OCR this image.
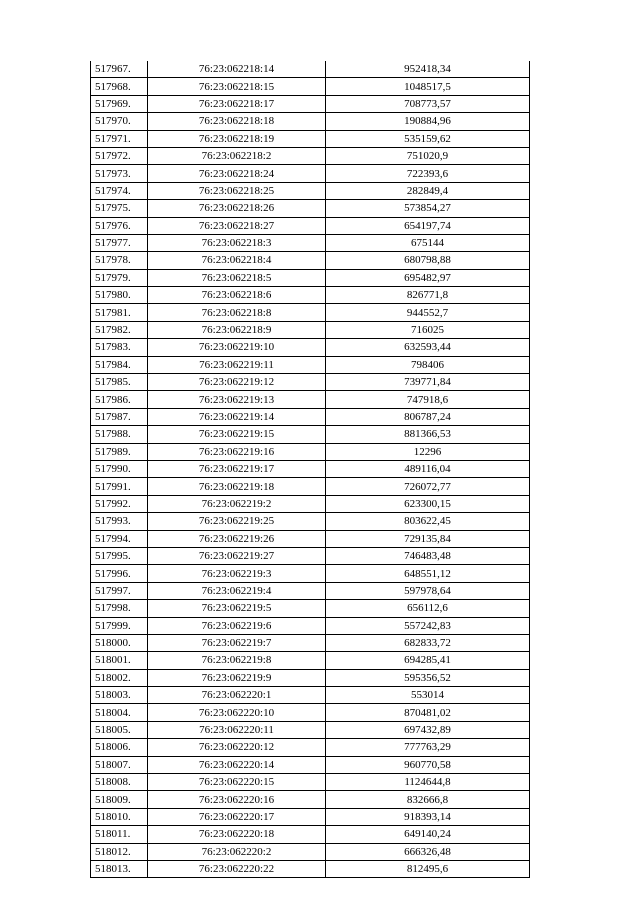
517967.	76:23:062218:14	952418,34
517968.	76:23:062218:15	1048517,5
517969.	76:23:062218:17	708773,57
517970.	76:23:062218:18	190884,96
517971.	76:23:062218:19	535159,62
517972.	76:23:062218:2	751020,9
517973.	76:23:062218:24	722393,6
517974.	76:23:062218:25	282849,4
517975.	76:23:062218:26	573854,27
517976.	76:23:062218:27	654197,74
517977.	76:23:062218:3	675144
517978.	76:23:062218:4	680798,88
517979.	76:23:062218:5	695482,97
517980.	76:23:062218:6	826771,8
517981.	76:23:062218:8	944552,7
517982.	76:23:062218:9	716025
517983.	76:23:062219:10	632593,44
517984.	76:23:062219:11	798406
517985.	76:23:062219:12	739771,84
517986.	76:23:062219:13	747918,6
517987.	76:23:062219:14	806787,24
517988.	76:23:062219:15	881366,53
517989.	76:23:062219:16	12296
517990.	76:23:062219:17	489116,04
517991.	76:23:062219:18	726072,77
517992.	76:23:062219:2	623300,15
517993.	76:23:062219:25	803622,45
517994.	76:23:062219:26	729135,84
517995.	76:23:062219:27	746483,48
517996.	76:23:062219:3	648551,12
517997.	76:23:062219:4	597978,64
517998.	76:23:062219:5	656112,6
517999.	76:23:062219:6	557242,83
518000.	76:23:062219:7	682833,72
518001.	76:23:062219:8	694285,41
518002.	76:23:062219:9	595356,52
518003.	76:23:062220:1	553014
518004.	76:23:062220:10	870481,02
518005.	76:23:062220:11	697432,89
518006.	76:23:062220:12	777763,29
518007.	76:23:062220:14	960770,58
518008.	76:23:062220:15	1124644,8
518009.	76:23:062220:16	832666,8
518010.	76:23:062220:17	918393,14
518011.	76:23:062220:18	649140,24
518012.	76:23:062220:2	666326,48
518013.	76:23:062220:22	812495,6
